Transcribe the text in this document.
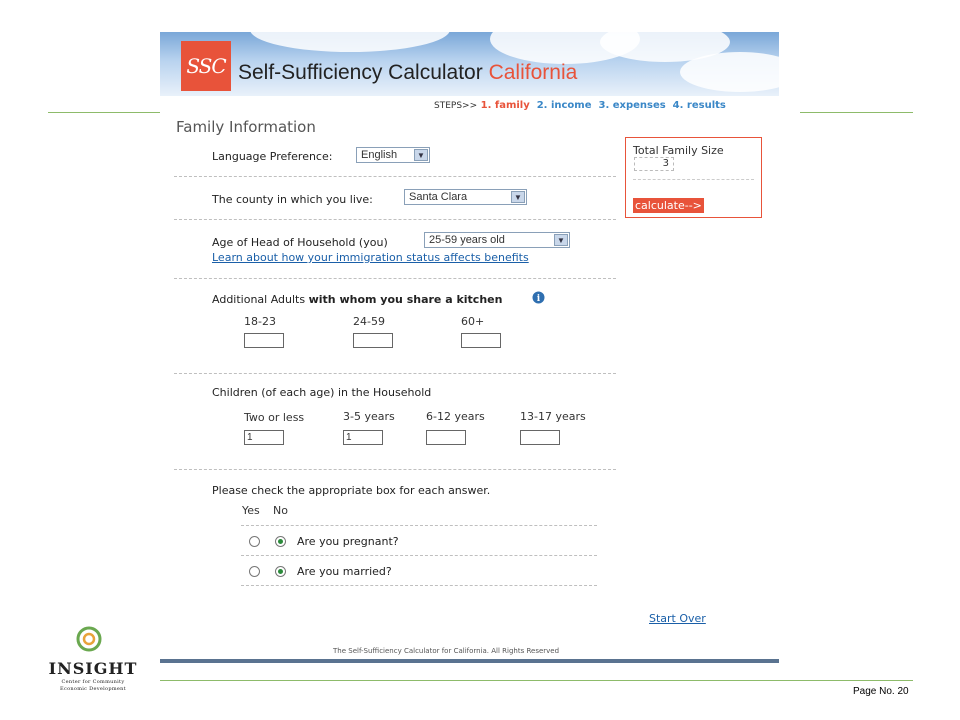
SSC Self-Sufficiency Calculator California
STEPS>> 1. family 2. income 3. expenses 4. results
Family Information
Language Preference:	English	▼
The county in which you live:	Santa Clara	▼
Age of Head of Household (you)	25-59 years old	▼
Learn about how your immigration status affects benefits
Additional Adults with whom you share a kitchen	i
18-23	24-59	60+
Children (of each age) in the Household
Two or less	3-5 years	6-12 years	13-17 years
1	1
Please check the appropriate box for each answer.
Yes No
Are you pregnant?
Are you married?
Total Family Size
3
calculate-->
Start Over
The Self-Sufficiency Calculator for California. All Rights Reserved
INSIGHT
Center for Community
Economic Development	Page No. 20
